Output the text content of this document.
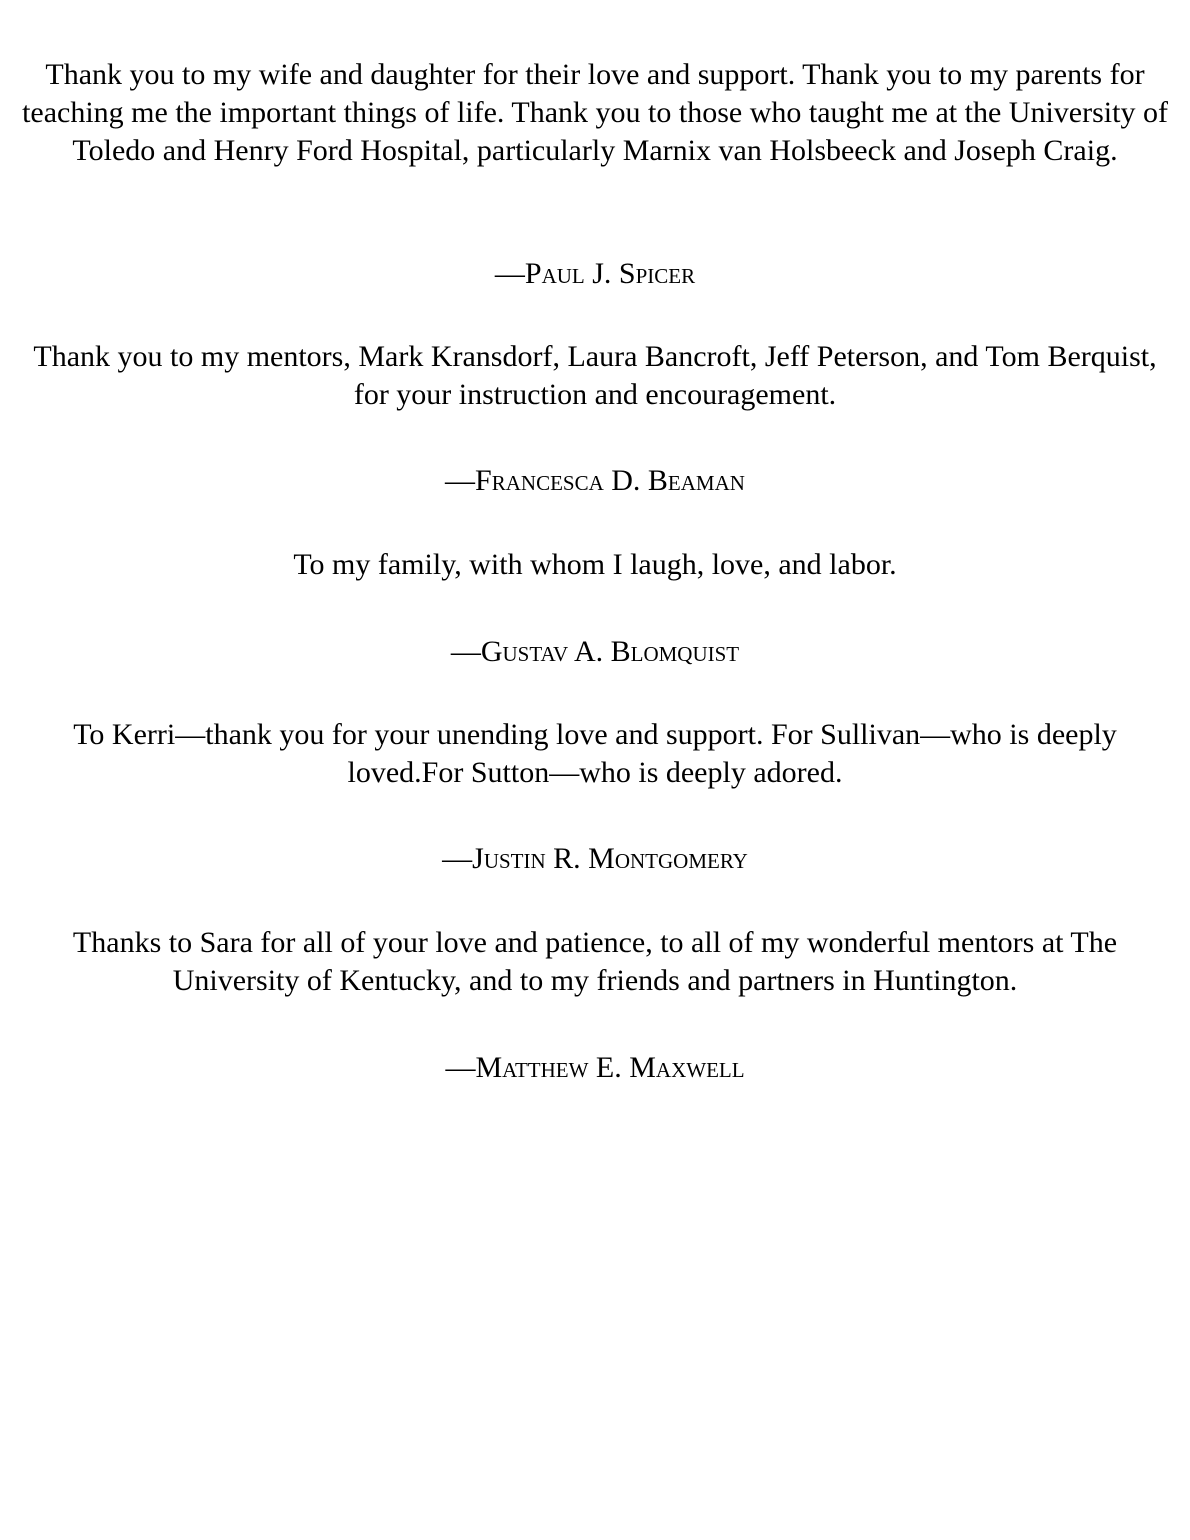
Thank you to my wife and daughter for their love and support. Thank you to my parents for teaching me the important things of life. Thank you to those who taught me at the University of Toledo and Henry Ford Hospital, particularly Marnix van Holsbeeck and Joseph Craig.

—Paul J. Spicer

Thank you to my mentors, Mark Kransdorf, Laura Bancroft, Jeff Peterson, and Tom Berquist, for your instruction and encouragement.

—Francesca D. Beaman

To my family, with whom I laugh, love, and labor.

—Gustav A. Blomquist

To Kerri—thank you for your unending love and support. For Sullivan—who is deeply loved.For Sutton—who is deeply adored.

—Justin R. Montgomery

Thanks to Sara for all of your love and patience, to all of my wonderful mentors at The University of Kentucky, and to my friends and partners in Huntington.

—Matthew E. Maxwell
